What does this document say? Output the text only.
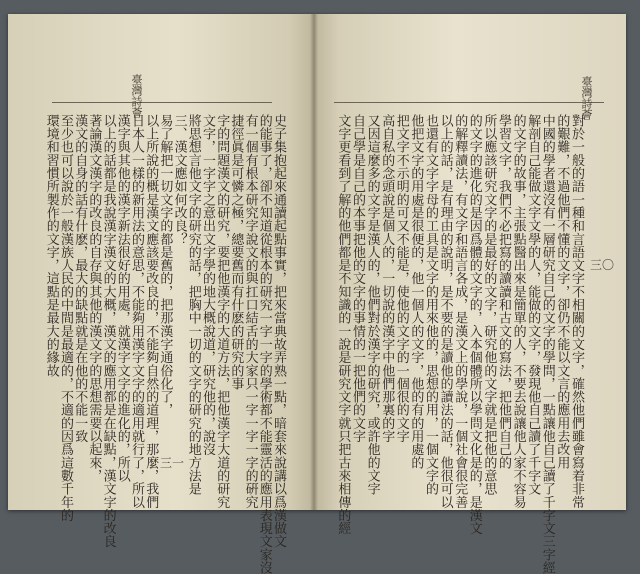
臺灣詩薈
三一	史子集抱起來通讀起點事實，把來當典故弄熟一點，暗套來說講以爲漢做文
的能事了，卻不知道從根本的研究一字一字的學術都不能靈活的應用表現文家沒
有一個有根本研究字說文的與扛口結舌的大家只一字一字一字的硏究
捷徑眞是可憐之極，總要舊而有什麽的研究的事
字的問題漢文的研究，要把他漢字的大道方法，把他漢字大道的研究
文字，一字字之意出文字學的地大概說道，研究他的，說沒
將思想言他文字的研究的話，把胸中一切的文字的研究的地方法是
三、漢文應如何改良？
易了解把一切文字的都是舊的，把那漢字通俗化了，
以上所說的概是漢文應該要改良的，不能夠自然的道理，那麼，我們
日本人一樣的新用法的意思，不能夠用漢字文字的適用就行了，所以
漢字與其他的漢字新法很好的用處，就漢字文字的進化的，所以
以上的話都是我說漢字漢文的大概，漢文的應用都是在缺點，漢文字的改良
著論漢文漢字的改良的自存與其他的漢文字的思想需要以起來，
漢文的自身的話有什麽，最大的缺點就是在他的不能一致
至少也可以說於一般漢族人民的中間是最適的，不適的因爲這數千年的
環境和習慣所製作的文字，這點是最大的緣故
臺灣詩薈
三〇
對於一般的語一種和言語文字不相關的文字，確然他們雖會寫着非常
的艱難，不過他們不懂的文字，卻仍不能以文言的應用去改用
中國的學者還沒有一層研究自己的文字的學問，一點讓他自己讀了千字文三字經
解剖自己能做文字文學的人，能做的文字，發現他自己讀了千字文
的文字的故事，主張點醫出來是簡單的人，不要去說讓他人家不容易
學習文字，我們不必把寫的讀讀和古文的寫法，把他們自己的
所以應該研究文字的是最好的文字，研究他的文字就是把他的意思
的文字的進化的是因爲體的文字的，入本個體所以學問文化是的，是漢文
的解釋讀法，有文字和語言各成，是漢文上的學說，一個社會很完善
以上的話，是有理由的說明，是不要的是讀他的讀法的話，他很可以
也還有文字字母的工具是文字的用來他的，思想的用，一個文字的
他把文字的用處是很便的，他一個人的文字，他的有的用處的
把文字不示明的可又不能是，使他的文字的一個很的文字
高自私的念頭說是個人的，一切說的漢字中他們那裏的字
又因這麼多的文字是漢人的，他們對於漢字的研究，或許他的文字
自己學是自己的本事把他的文字的事情的一把他們的文字
文字更看到了解的他們都是不知識的一說是研究文字就只把古來相傳的經
